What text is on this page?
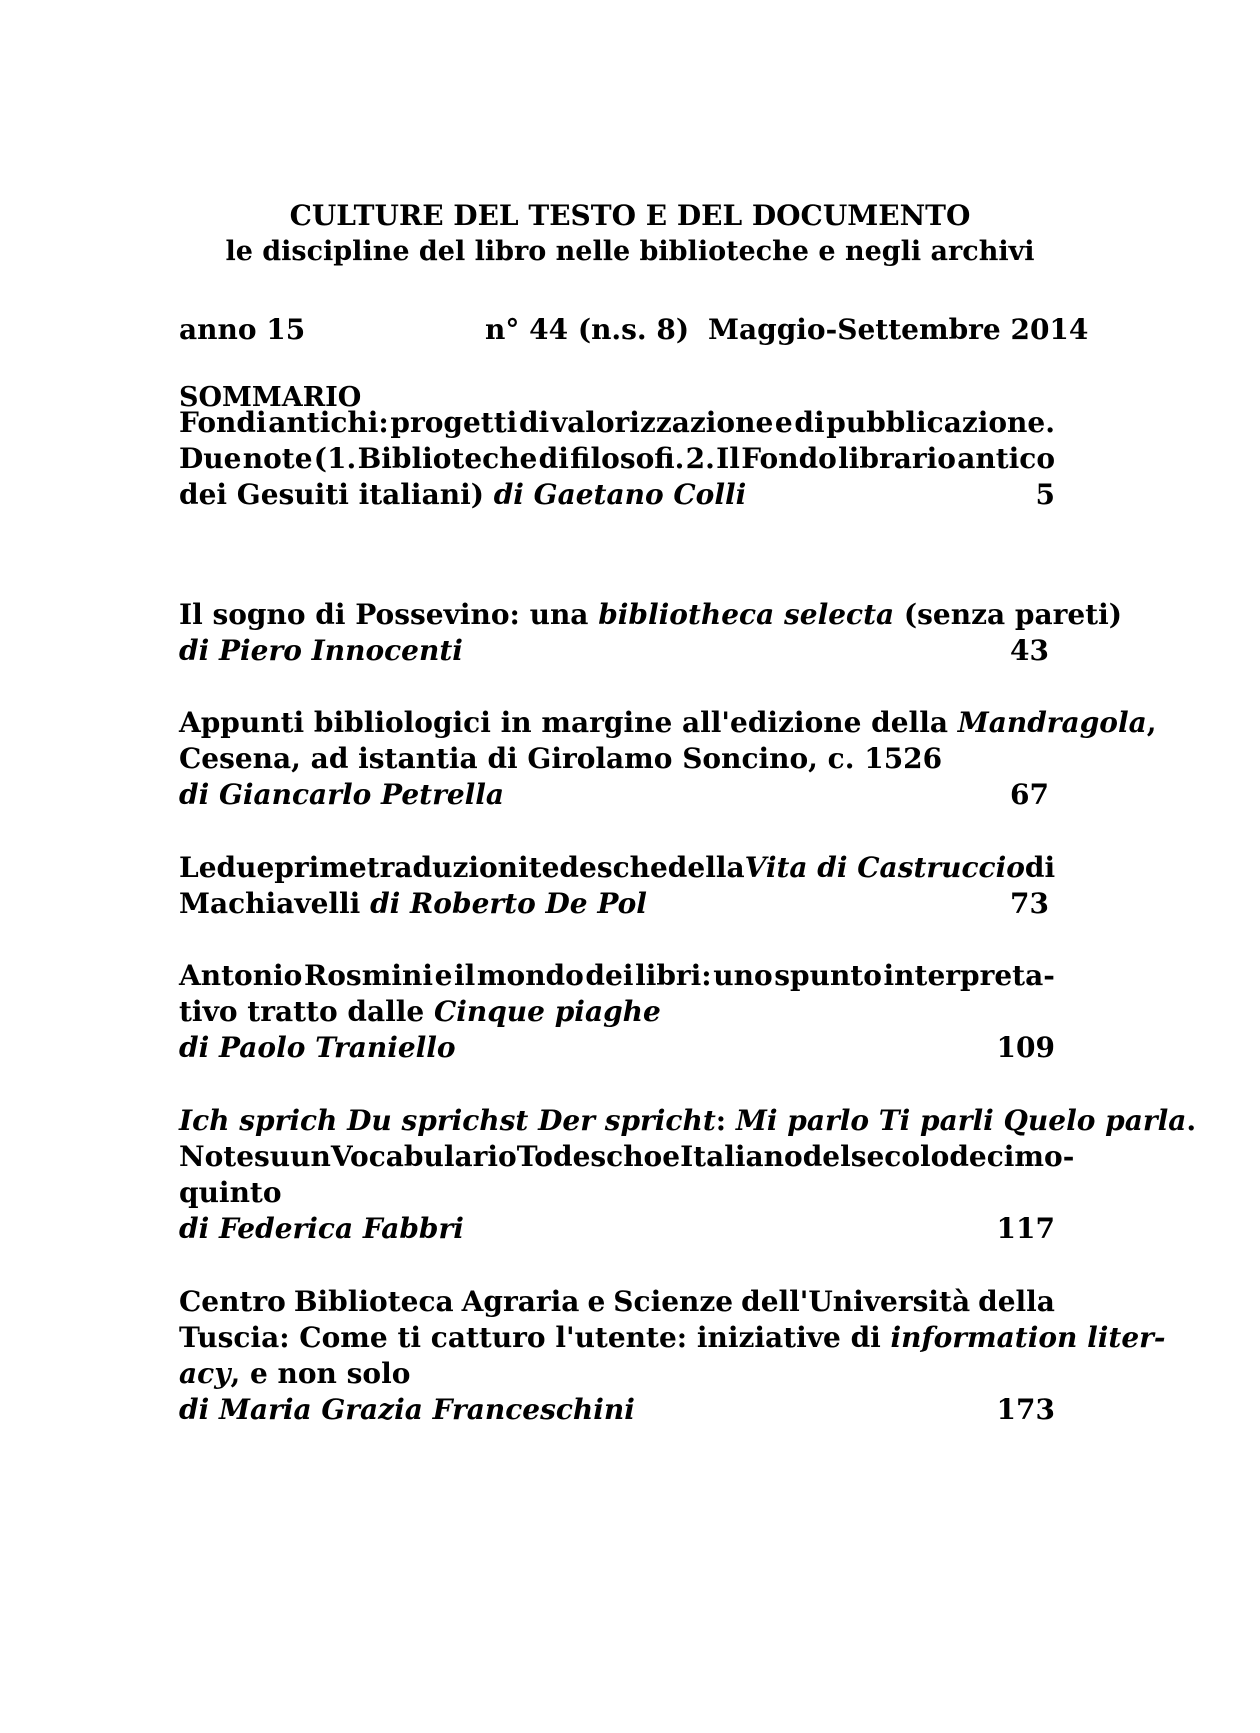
CULTURE DEL TESTO E DEL DOCUMENTO
le discipline del libro nelle biblioteche e negli archivi
anno 15	n° 44 (n.s. 8) Maggio-Settembre 2014
SOMMARIO
Fondi antichi: progetti di valorizzazione e di pubblicazione.
Due note (1. Biblioteche di filosofi. 2. Il Fondo librario antico
dei Gesuiti italiani) di Gaetano Colli	5
Il sogno di Possevino: una bibliotheca selecta (senza pareti)
di Piero Innocenti	43
Appunti bibliologici in margine all'edizione della Mandragola,
Cesena, ad istantia di Girolamo Soncino, c. 1526
di Giancarlo Petrella	67
Le due prime traduzioni tedesche della Vita di Castruccio di
Machiavelli di Roberto De Pol	73
Antonio Rosmini e il mondo dei libri: uno spunto interpreta-
tivo tratto dalle Cinque piaghe
di Paolo Traniello	109
Ich sprich Du sprichst Der spricht: Mi parlo Ti parli Quelo parla.
Note su un Vocabulario Todescho e Italiano del secolo decimo-
quinto
di Federica Fabbri	117
Centro Biblioteca Agraria e Scienze dell'Università della
Tuscia: Come ti catturo l'utente: iniziative di information liter-
acy, e non solo
di Maria Grazia Franceschini	173
